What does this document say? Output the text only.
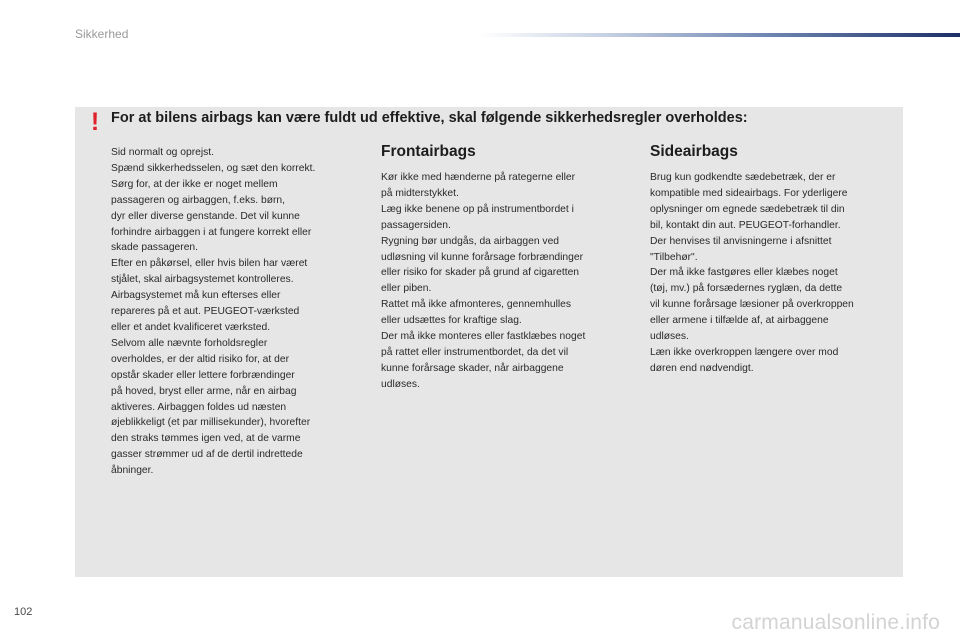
Sikkerhed
! For at bilens airbags kan være fuldt ud effektive, skal følgende sikkerhedsregler overholdes:

Sid normalt og oprejst.
Spænd sikkerhedsselen, og sæt den korrekt.
Sørg for, at der ikke er noget mellem
passageren og airbaggen, f.eks. børn,
dyr eller diverse genstande. Det vil kunne
forhindre airbaggen i at fungere korrekt eller
skade passageren.
Efter en påkørsel, eller hvis bilen har været
stjålet, skal airbagsystemet kontrolleres.
Airbagsystemet må kun efterses eller
repareres på et aut. PEUGEOT-værksted
eller et andet kvalificeret værksted.
Selvom alle nævnte forholdsregler
overholdes, er der altid risiko for, at der
opstår skader eller lettere forbrændinger
på hoved, bryst eller arme, når en airbag
aktiveres. Airbaggen foldes ud næsten
øjeblikkeligt (et par millisekunder), hvorefter
den straks tømmes igen ved, at de varme
gasser strømmer ud af de dertil indrettede
åbninger.

Frontairbags

Kør ikke med hænderne på rategerne eller
på midterstykket.
Læg ikke benene op på instrumentbordet i
passagersiden.
Rygning bør undgås, da airbaggen ved
udløsning vil kunne forårsage forbrændinger
eller risiko for skader på grund af cigaretten
eller piben.
Rattet må ikke afmonteres, gennemhulles
eller udsættes for kraftige slag.
Der må ikke monteres eller fastklæbes noget
på rattet eller instrumentbordet, da det vil
kunne forårsage skader, når airbaggene
udløses.

Sideairbags

Brug kun godkendte sædebetræk, der er
kompatible med sideairbags. For yderligere
oplysninger om egnede sædebetræk til din
bil, kontakt din aut. PEUGEOT-forhandler.
Der henvises til anvisningerne i afsnittet
"Tilbehør".
Der må ikke fastgøres eller klæbes noget
(tøj, mv.) på forsædernes ryglæn, da dette
vil kunne forårsage læsioner på overkroppen
eller armene i tilfælde af, at airbaggene
udløses.
Læn ikke overkroppen længere over mod
døren end nødvendigt.

102	carmanualsonline.info
